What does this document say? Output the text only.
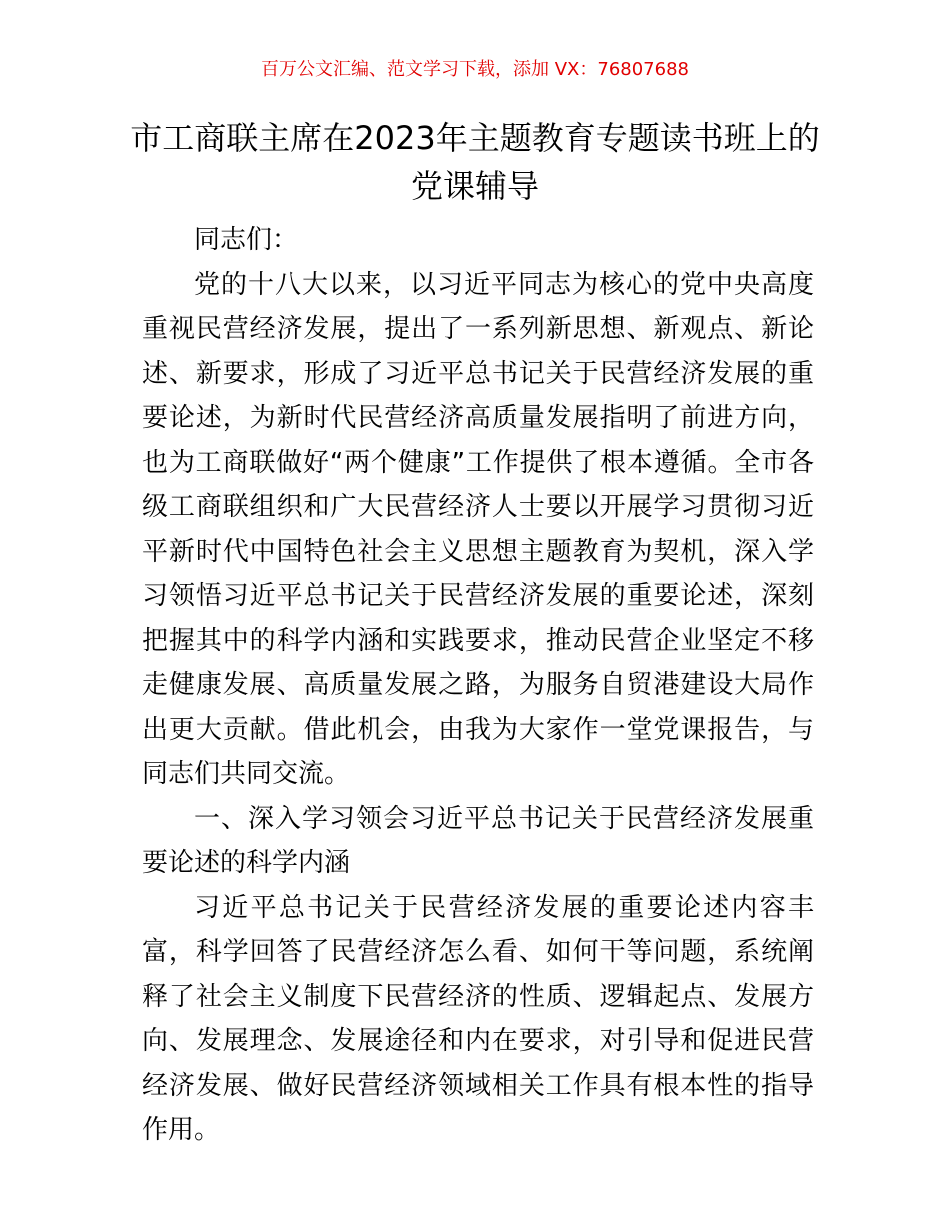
百万公文汇编、范文学习下载，添加 VX：76807688
市工商联主席在2023年主题教育专题读书班上的党课辅导

同志们：

党的十八大以来，以习近平同志为核心的党中央高度重视民营经济发展，提出了一系列新思想、新观点、新论述、新要求，形成了习近平总书记关于民营经济发展的重要论述，为新时代民营经济高质量发展指明了前进方向，也为工商联做好“两个健康”工作提供了根本遵循。全市各级工商联组织和广大民营经济人士要以开展学习贯彻习近平新时代中国特色社会主义思想主题教育为契机，深入学习领悟习近平总书记关于民营经济发展的重要论述，深刻把握其中的科学内涵和实践要求，推动民营企业坚定不移走健康发展、高质量发展之路，为服务自贸港建设大局作出更大贡献。借此机会，由我为大家作一堂党课报告，与同志们共同交流。

一、深入学习领会习近平总书记关于民营经济发展重要论述的科学内涵

习近平总书记关于民营经济发展的重要论述内容丰富，科学回答了民营经济怎么看、如何干等问题，系统阐释了社会主义制度下民营经济的性质、逻辑起点、发展方向、发展理念、发展途径和内在要求，对引导和促进民营经济发展、做好民营经济领域相关工作具有根本性的指导作用。
